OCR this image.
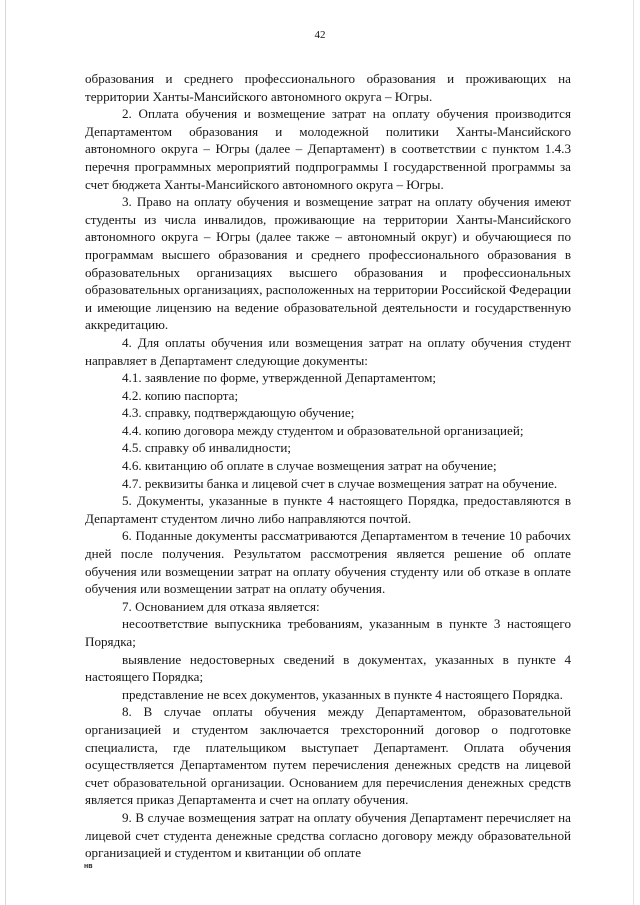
42

образования и среднего профессионального образования и проживающих на территории Ханты-Мансийского автономного округа – Югры.

2. Оплата обучения и возмещение затрат на оплату обучения производится Департаментом образования и молодежной политики Ханты-Мансийского автономного округа – Югры (далее – Департамент) в соответствии с пунктом 1.4.3 перечня программных мероприятий подпрограммы I государственной программы за счет бюджета Ханты-Мансийского автономного округа – Югры.

3. Право на оплату обучения и возмещение затрат на оплату обучения имеют студенты из числа инвалидов, проживающие на территории Ханты-Мансийского автономного округа – Югры (далее также – автономный округ) и обучающиеся по программам высшего образования и среднего профессионального образования в образовательных организациях высшего образования и профессиональных образовательных организациях, расположенных на территории Российской Федерации и имеющие лицензию на ведение образовательной деятельности и государственную аккредитацию.

4. Для оплаты обучения или возмещения затрат на оплату обучения студент направляет в Департамент следующие документы:

4.1. заявление по форме, утвержденной Департаментом;

4.2. копию паспорта;

4.3. справку, подтверждающую обучение;

4.4. копию договора между студентом и образовательной организацией;

4.5. справку об инвалидности;

4.6. квитанцию об оплате в случае возмещения затрат на обучение;

4.7. реквизиты банка и лицевой счет в случае возмещения затрат на обучение.

5. Документы, указанные в пункте 4 настоящего Порядка, предоставляются в Департамент студентом лично либо направляются почтой.

6. Поданные документы рассматриваются Департаментом в течение 10 рабочих дней после получения. Результатом рассмотрения является решение об оплате обучения или возмещении затрат на оплату обучения студенту или об отказе в оплате обучения или возмещении затрат на оплату обучения.

7. Основанием для отказа является:

несоответствие выпускника требованиям, указанным в пункте 3 настоящего Порядка;

выявление недостоверных сведений в документах, указанных в пункте 4 настоящего Порядка;

представление не всех документов, указанных в пункте 4 настоящего Порядка.

8. В случае оплаты обучения между Департаментом, образовательной организацией и студентом заключается трехсторонний договор о подготовке специалиста, где плательщиком выступает Департамент. Оплата обучения осуществляется Департаментом путем перечисления денежных средств на лицевой счет образовательной организации. Основанием для перечисления денежных средств является приказ Департамента и счет на оплату обучения.

9. В случае возмещения затрат на оплату обучения Департамент перечисляет на лицевой счет студента денежные средства согласно договору между образовательной организацией и студентом и квитанции об оплате

нв
